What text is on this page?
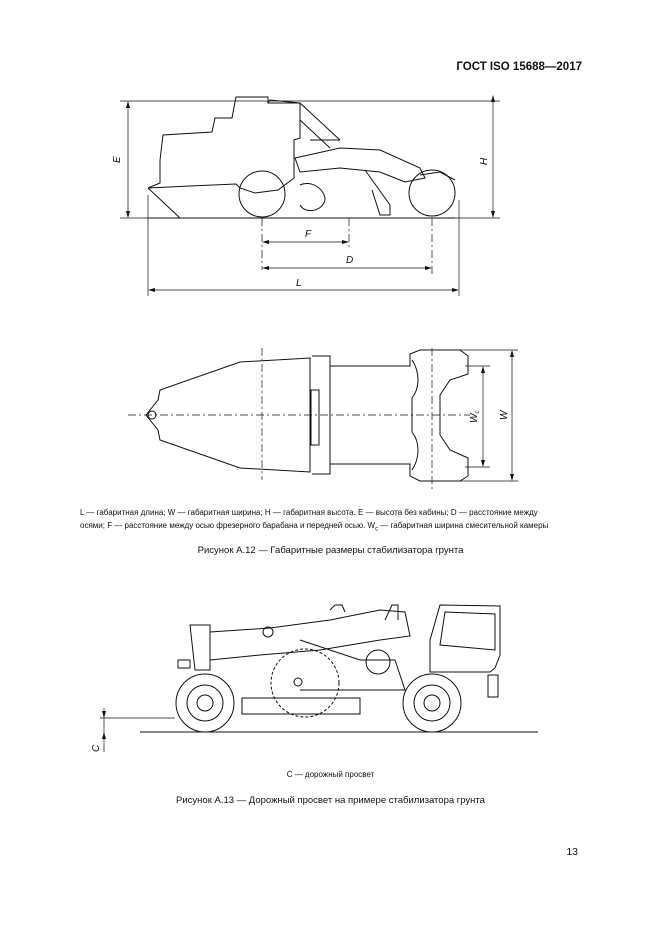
ГОСТ ISO 15688—2017
E	H
F
D
L
$W_c$ W
L — габаритная длина; W — габаритная ширина; H — габаритная высота. E — высота без кабины; D — расстояние между
осями; F — расстояние между осью фрезерного барабана и передней осью. $W_c$ — габаритная ширина смесительной камеры
Рисунок А.12 — Габаритные размеры стабилизатора грунта
C
C — дорожный просвет
Рисунок А.13 — Дорожный просвет на примере стабилизатора грунта
13
